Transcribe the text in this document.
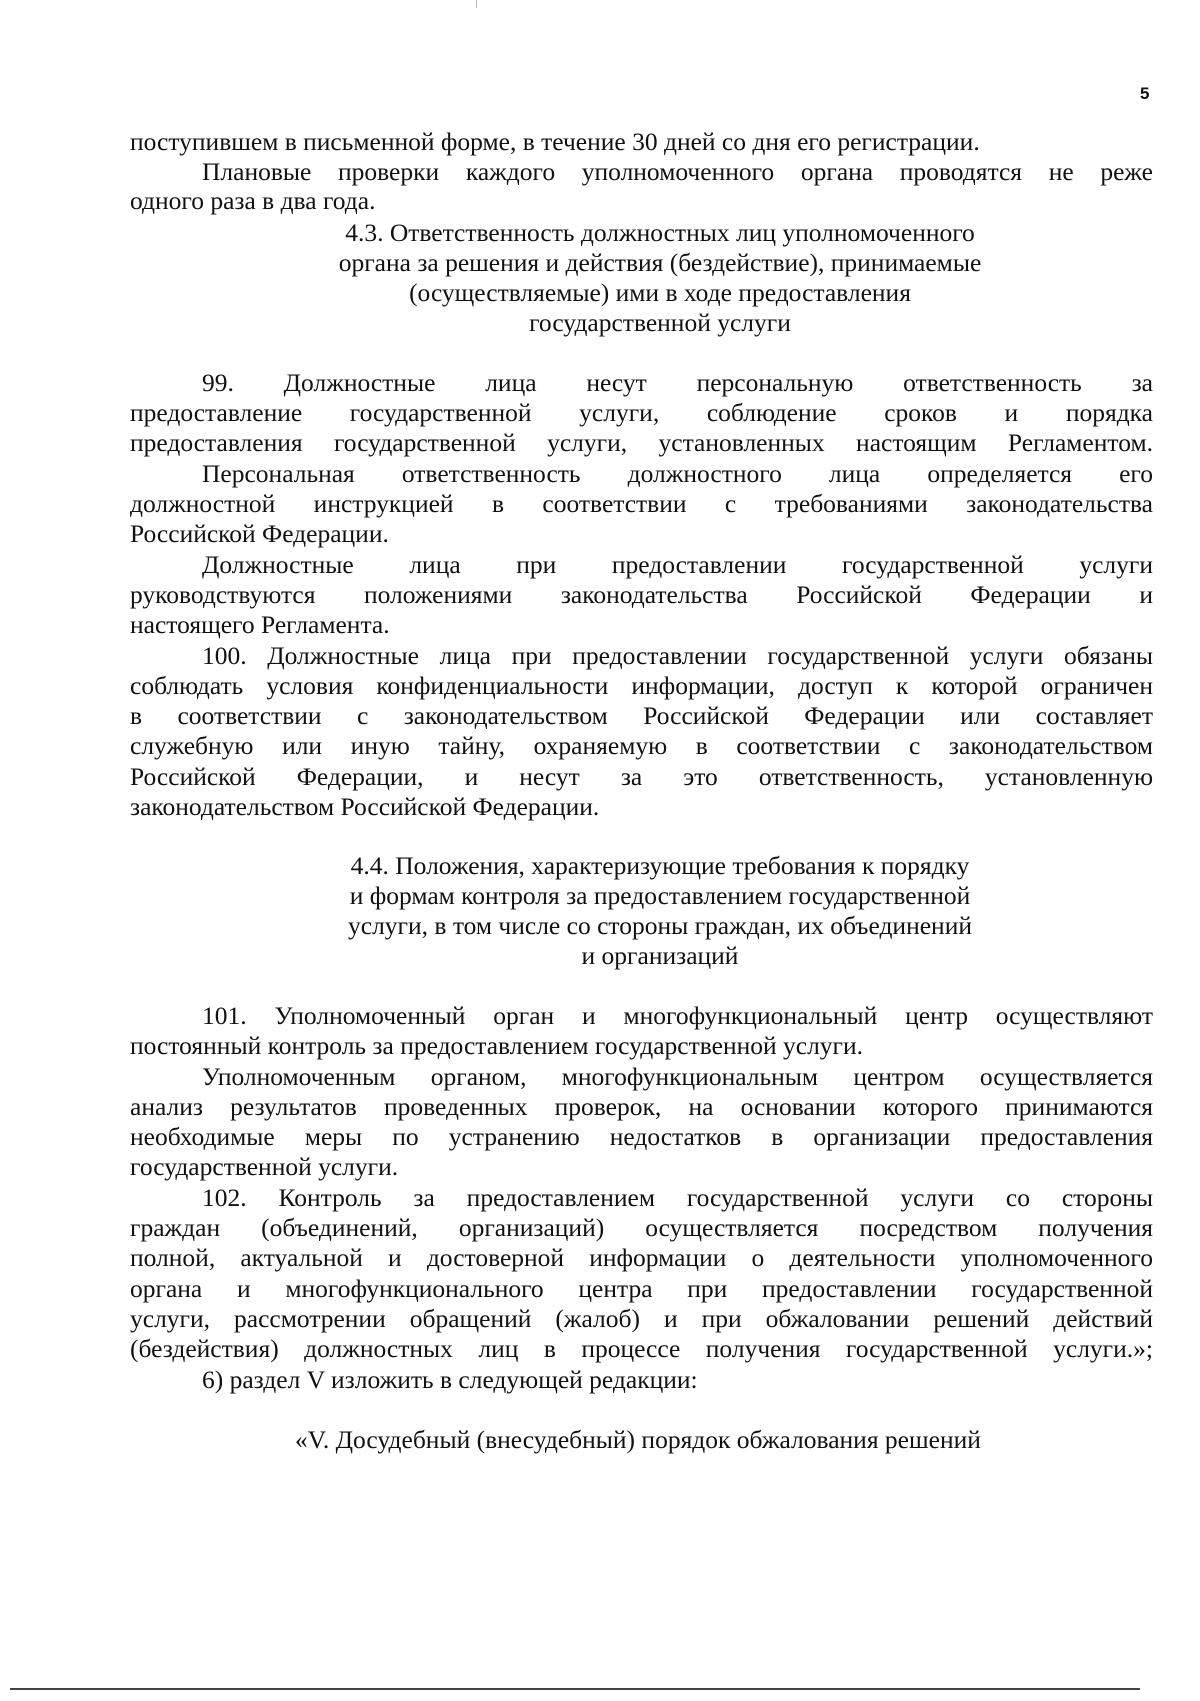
5
поступившем в письменной форме, в течение 30 дней со дня его регистрации.
Плановые проверки каждого уполномоченного органа проводятся не реже
одного раза в два года.
4.3. Ответственность должностных лиц уполномоченного
органа за решения и действия (бездействие), принимаемые
(осуществляемые) ими в ходе предоставления
государственной услуги
99. Должностные лица несут персональную ответственность за
предоставление государственной услуги, соблюдение сроков и порядка
предоставления государственной услуги, установленных настоящим Регламентом.
Персональная ответственность должностного лица определяется его
должностной инструкцией в соответствии с требованиями законодательства
Российской Федерации.
Должностные лица при предоставлении государственной услуги
руководствуются положениями законодательства Российской Федерации и
настоящего Регламента.
100. Должностные лица при предоставлении государственной услуги обязаны
соблюдать условия конфиденциальности информации, доступ к которой ограничен
в соответствии с законодательством Российской Федерации или составляет
служебную или иную тайну, охраняемую в соответствии с законодательством
Российской Федерации, и несут за это ответственность, установленную
законодательством Российской Федерации.
4.4. Положения, характеризующие требования к порядку
и формам контроля за предоставлением государственной
услуги, в том числе со стороны граждан, их объединений
и организаций
101. Уполномоченный орган и многофункциональный центр осуществляют
постоянный контроль за предоставлением государственной услуги.
Уполномоченным органом, многофункциональным центром осуществляется
анализ результатов проведенных проверок, на основании которого принимаются
необходимые меры по устранению недостатков в организации предоставления
государственной услуги.
102. Контроль за предоставлением государственной услуги со стороны
граждан (объединений, организаций) осуществляется посредством получения
полной, актуальной и достоверной информации о деятельности уполномоченного
органа и многофункционального центра при предоставлении государственной
услуги, рассмотрении обращений (жалоб) и при обжаловании решений действий
(бездействия) должностных лиц в процессе получения государственной услуги.»;
6) раздел V изложить в следующей редакции:
«V. Досудебный (внесудебный) порядок обжалования решений
